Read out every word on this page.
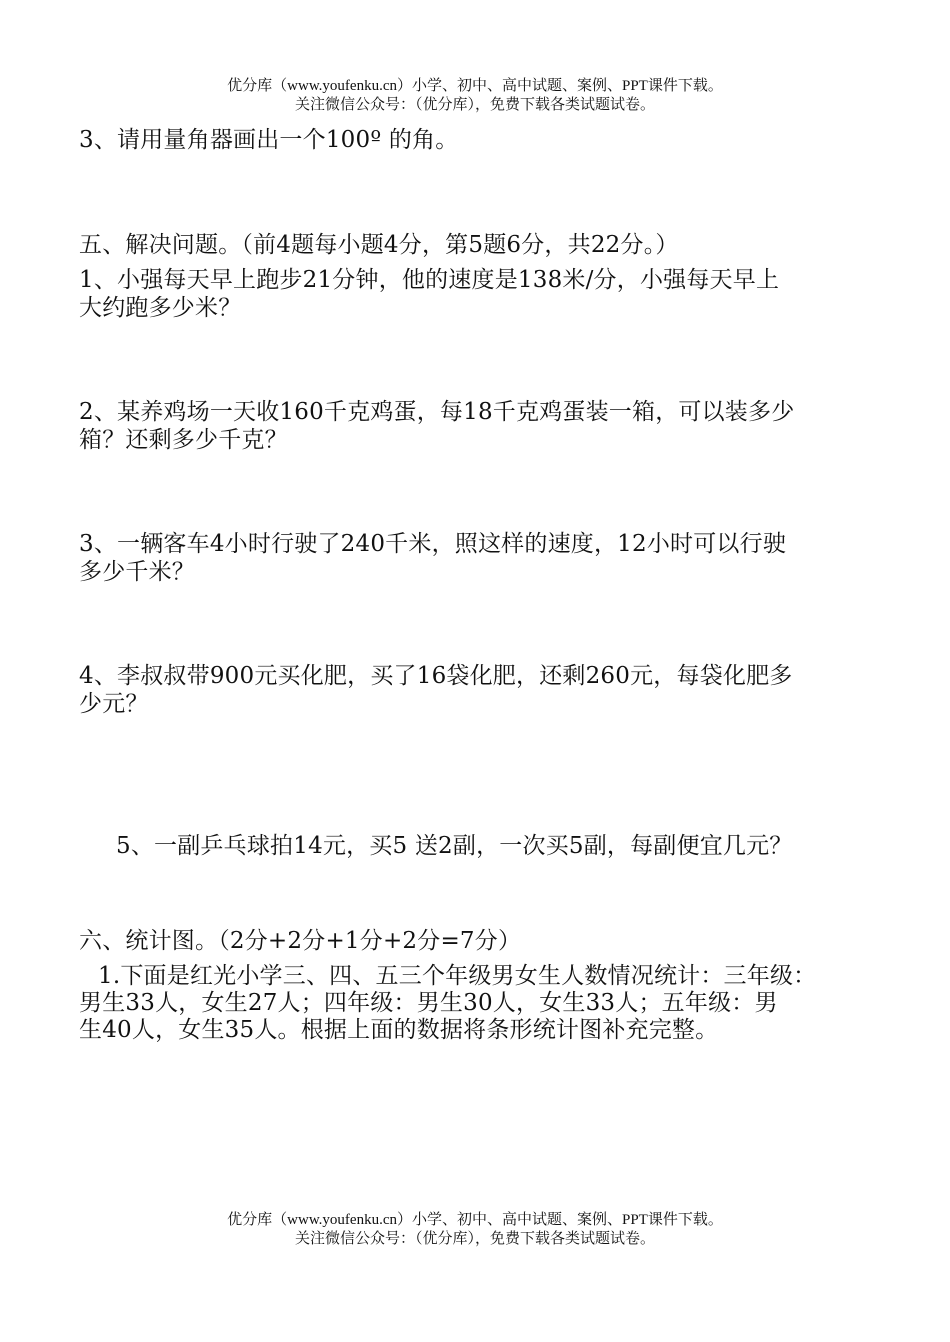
优分库（www.youfenku.cn）小学、初中、高中试题、案例、PPT课件下载。
关注微信公众号：（优分库），免费下载各类试题试卷。
3、请用量角器画出一个100º 的角。
五、解决问题。（前4题每小题4分，第5题6分，共22分。）
1、小强每天早上跑步21分钟，他的速度是138米/分，小强每天早上
大约跑多少米？
2、某养鸡场一天收160千克鸡蛋，每18千克鸡蛋装一箱，可以装多少
箱？还剩多少千克？
3、一辆客车4小时行驶了240千米，照这样的速度，12小时可以行驶
多少千米？
4、李叔叔带900元买化肥，买了16袋化肥，还剩260元，每袋化肥多
少元？
5、一副乒乓球拍14元，买5 送2副，一次买5副，每副便宜几元？
六、统计图。（2分+2分+1分+2分=7分）
1.下面是红光小学三、四、五三个年级男女生人数情况统计：三年级：
男生33人，女生27人；四年级：男生30人，女生33人；五年级：男
生40人，女生35人。根据上面的数据将条形统计图补充完整。
优分库（www.youfenku.cn）小学、初中、高中试题、案例、PPT课件下载。
关注微信公众号：（优分库），免费下载各类试题试卷。
